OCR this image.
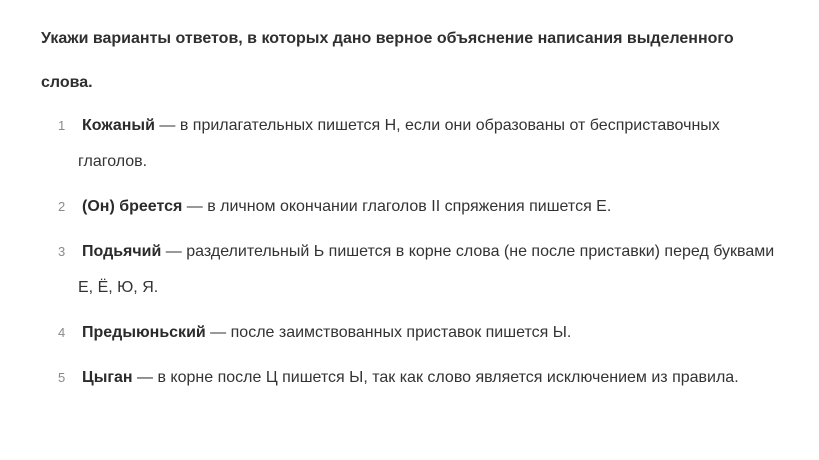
Укажи варианты ответов, в которых дано верное объяснение написания выделенного слова.

1	Кожаный — в прилагательных пишется Н, если они образованы от бесприставочных глаголов.
2	(Он) бреется — в личном окончании глаголов II спряжения пишется Е.
3	Подьячий — разделительный Ь пишется в корне слова (не после приставки) перед буквами Е, Ё, Ю, Я.
4	Предыюньский — после заимствованных приставок пишется Ы.
5	Цыган — в корне после Ц пишется Ы, так как слово является исключением из правила.
